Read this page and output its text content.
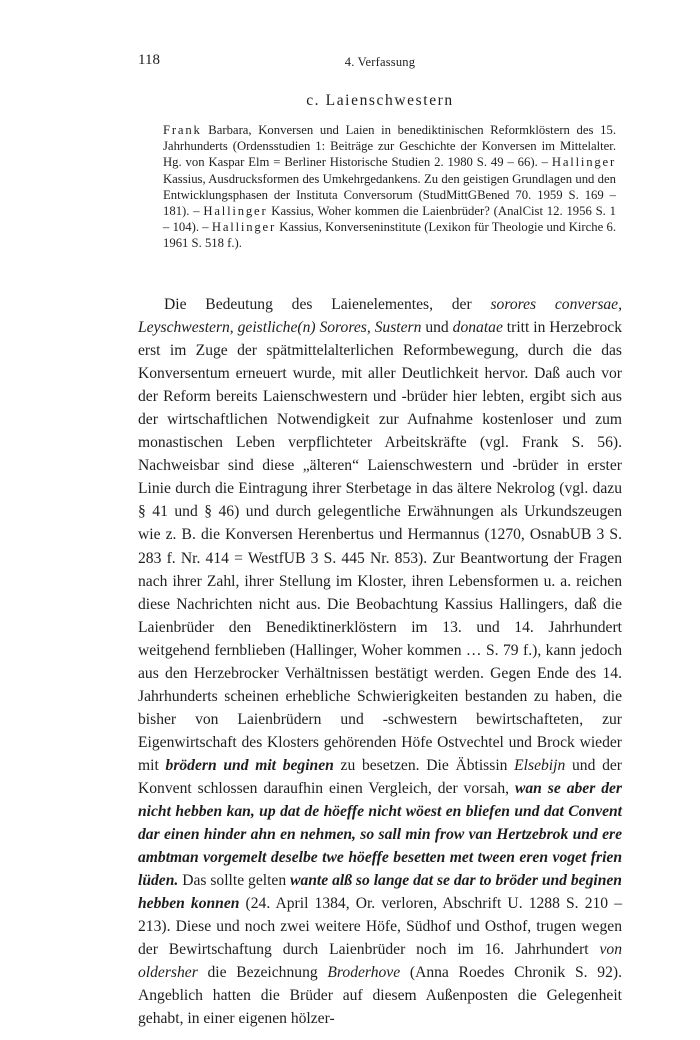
118	4. Verfassung
c. Laienschwestern

Frank Barbara, Konversen und Laien in benediktinischen Reformklöstern des 15. Jahrhunderts (Ordensstudien 1: Beiträge zur Geschichte der Konversen im Mittelalter. Hg. von Kaspar Elm = Berliner Historische Studien 2. 1980 S. 49 – 66). – Hallinger Kassius, Ausdrucksformen des Umkehrgedankens. Zu den geistigen Grundlagen und den Entwicklungsphasen der Instituta Conversorum (StudMittGBened 70. 1959 S. 169 – 181). – Hallinger Kassius, Woher kommen die Laienbrüder? (AnalCist 12. 1956 S. 1 – 104). – Hallinger Kassius, Konverseninstitute (Lexikon für Theologie und Kirche 6. 1961 S. 518 f.).

Die Bedeutung des Laienelementes, der sorores conversae, Leyschwestern, geistliche(n) Sorores, Sustern und donatae tritt in Herzebrock erst im Zuge der spätmittelalterlichen Reformbewegung, durch die das Konversentum erneuert wurde, mit aller Deutlichkeit hervor. Daß auch vor der Reform bereits Laienschwestern und -brüder hier lebten, ergibt sich aus der wirtschaftlichen Notwendigkeit zur Aufnahme kostenloser und zum monastischen Leben verpflichteter Arbeitskräfte (vgl. Frank S. 56). Nachweisbar sind diese „älteren“ Laienschwestern und -brüder in erster Linie durch die Eintragung ihrer Sterbetage in das ältere Nekrolog (vgl. dazu § 41 und § 46) und durch gelegentliche Erwähnungen als Urkundszeugen wie z. B. die Konversen Herenbertus und Hermannus (1270, OsnabUB 3 S. 283 f. Nr. 414 = WestfUB 3 S. 445 Nr. 853). Zur Beantwortung der Fragen nach ihrer Zahl, ihrer Stellung im Kloster, ihren Lebensformen u. a. reichen diese Nachrichten nicht aus. Die Beobachtung Kassius Hallingers, daß die Laienbrüder den Benediktinerklöstern im 13. und 14. Jahrhundert weitgehend fernblieben (Hallinger, Woher kommen … S. 79 f.), kann jedoch aus den Herzebrocker Verhältnissen bestätigt werden. Gegen Ende des 14. Jahrhunderts scheinen erhebliche Schwierigkeiten bestanden zu haben, die bisher von Laienbrüdern und -schwestern bewirtschafteten, zur Eigenwirtschaft des Klosters gehörenden Höfe Ostvechtel und Brock wieder mit brödern und mit beginen zu besetzen. Die Äbtissin Elsebijn und der Konvent schlossen daraufhin einen Vergleich, der vorsah, wan se aber der nicht hebben kan, up dat de höeffe nicht wöest en bliefen und dat Convent dar einen hinder ahn en nehmen, so sall min frow van Hertzebrok und ere ambtman vorgemelt deselbe twe höeffe besetten met tween eren voget frien lüden. Das sollte gelten wante alß so lange dat se dar to bröder und beginen hebben konnen (24. April 1384, Or. verloren, Abschrift U. 1288 S. 210 – 213). Diese und noch zwei weitere Höfe, Südhof und Osthof, trugen wegen der Bewirtschaftung durch Laienbrüder noch im 16. Jahrhundert von oldersher die Bezeichnung Broderhove (Anna Roedes Chronik S. 92). Angeblich hatten die Brüder auf diesem Außenposten die Gelegenheit gehabt, in einer eigenen hölzer-
